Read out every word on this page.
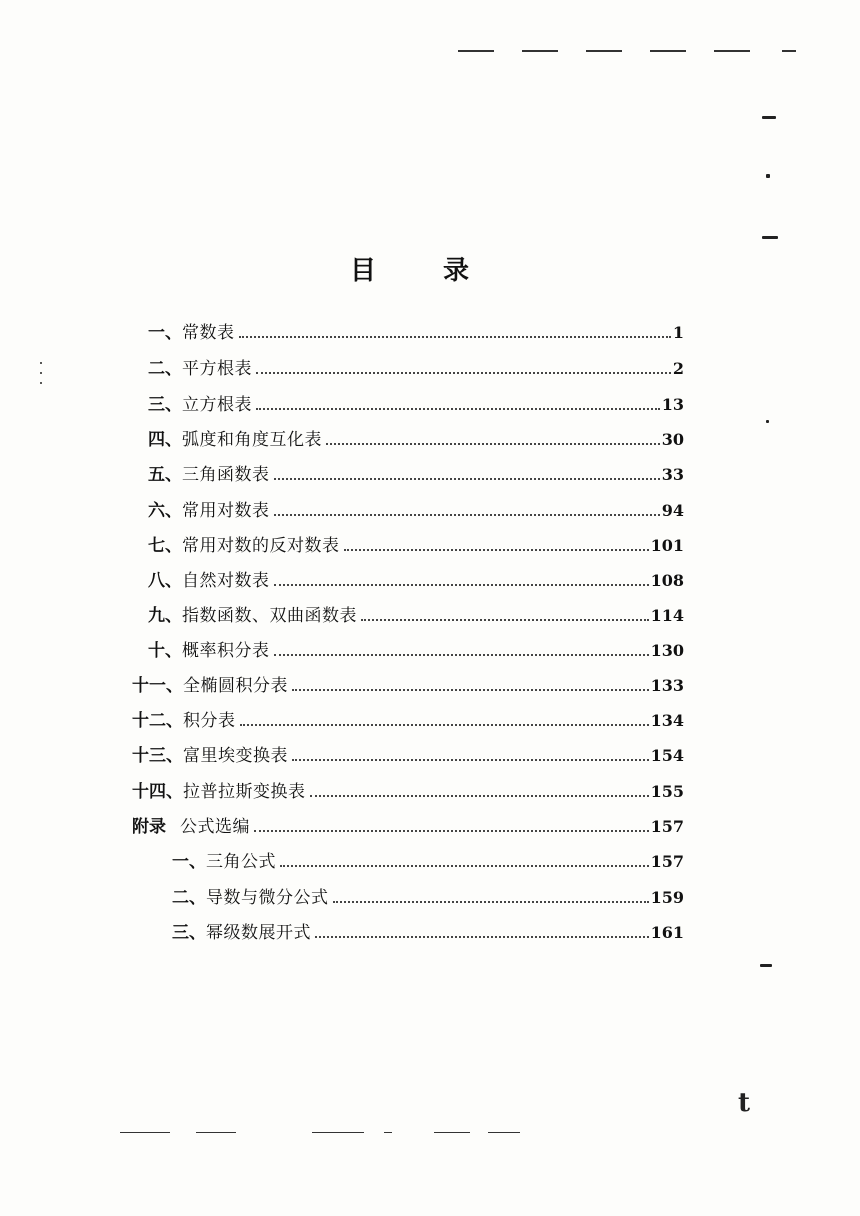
t
目	录
一、 常数表	1
二、 平方根表	2
三、 立方根表	13
四、 弧度和角度互化表	30
五、 三角函数表	33
六、 常用对数表	94
七、 常用对数的反对数表	101
八、 自然对数表	108
九、 指数函数、双曲函数表	114
十、 概率积分表	130
十一、 全椭圆积分表	133
十二、 积分表	134
十三、 富里埃变换表	154
十四、 拉普拉斯变换表	155
附录 公式选编	157
一、 三角公式	157
二、 导数与微分公式	159
三、 幂级数展开式	161
